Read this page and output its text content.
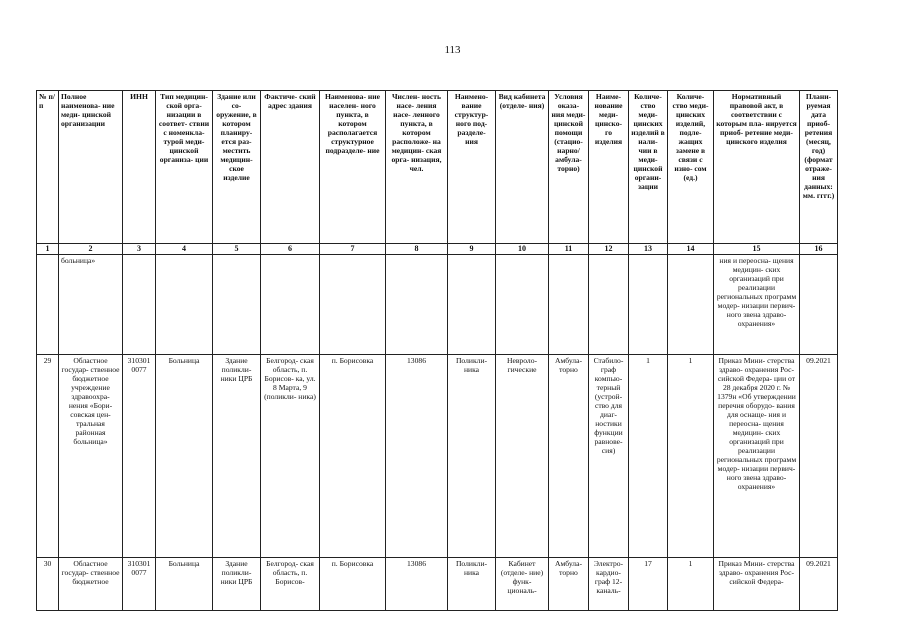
113
№ п/п	Полное наименова- ние меди- цинской организации	ИНН	Тип медицин- ской орга- низации в соответ- ствии с номенкла- турой меди- цинской организа- ции	Здание или со- оружение, в котором планиру- ется раз- местить медицин- ское изделие	Фактиче- ский адрес здания	Наименова- ние населен- ного пункта, в котором располагается структурное подразделе- ние	Числен- ность насе- ления насе- ленного пункта, в котором расположе- на медицин- ская орга- низация, чел.	Наимено- вание структур- ного под- разделе- ния	Вид кабинета (отделе- ния)	Условия оказа- ния меди- цинской помощи (стацио- нарно/ амбула- торно)	Наиме- нование меди- цинско- го изделия	Количе- ство меди- цинских изделий в нали- чии в меди- цинской органи- зации	Количе- ство меди- цинских изделий, подле- жащих замене в связи с изно- сом (ед.)	Нормативный правовой акт, в соответствии с которым пла- нируется приоб- ретение меди- цинского изделия	Плани- руемая дата приоб- ретения (месяц, год) (формат отраже- ния данных: мм. гггг.)
1	2	3	4	5	6	7	8	9	10	11	12	13	14	15	16
	больница»													ния и переосна- щения медицин- ских организаций при реализации региональных программ модер- низации первич- ного звена здраво- охранения»	
29	Областное государ- ственное бюджетное учреждение здравоохра- нения «Бори- совская цен- тральная районная больница»	310301 0077	Больница	Здание поликли- ники ЦРБ	Белгород- ская область, п. Борисов- ка, ул. 8 Марта, 9 (поликли- ника)	п. Борисовка	13086	Поликли- ника	Невроло- гические	Амбула- торно	Стабило- граф компью- терный (устрой- ство для диаг- ностики функции равнове- сия)	1	1	Приказ Мини- стерства здраво- охранения Рос- сийской Федера- ции от 28 декабря 2020 г. № 1379н «Об утверждении перечня оборудо- вания для оснаще- ния и переосна- щения медицин- ских организаций при реализации региональных программ модер- низации первич- ного звена здраво- охранения»	09.2021
30	Областное государ- ственное бюджетное	310301 0077	Больница	Здание поликли- ники ЦРБ	Белгород- ская область, п. Борисов-	п. Борисовка	13086	Поликли- ника	Кабинет (отделе- ние) функ- циональ-	Амбула- торно	Электро- кардио- граф 12- каналь-	17	1	Приказ Мини- стерства здраво- охранения Рос- сийской Федера-	09.2021
